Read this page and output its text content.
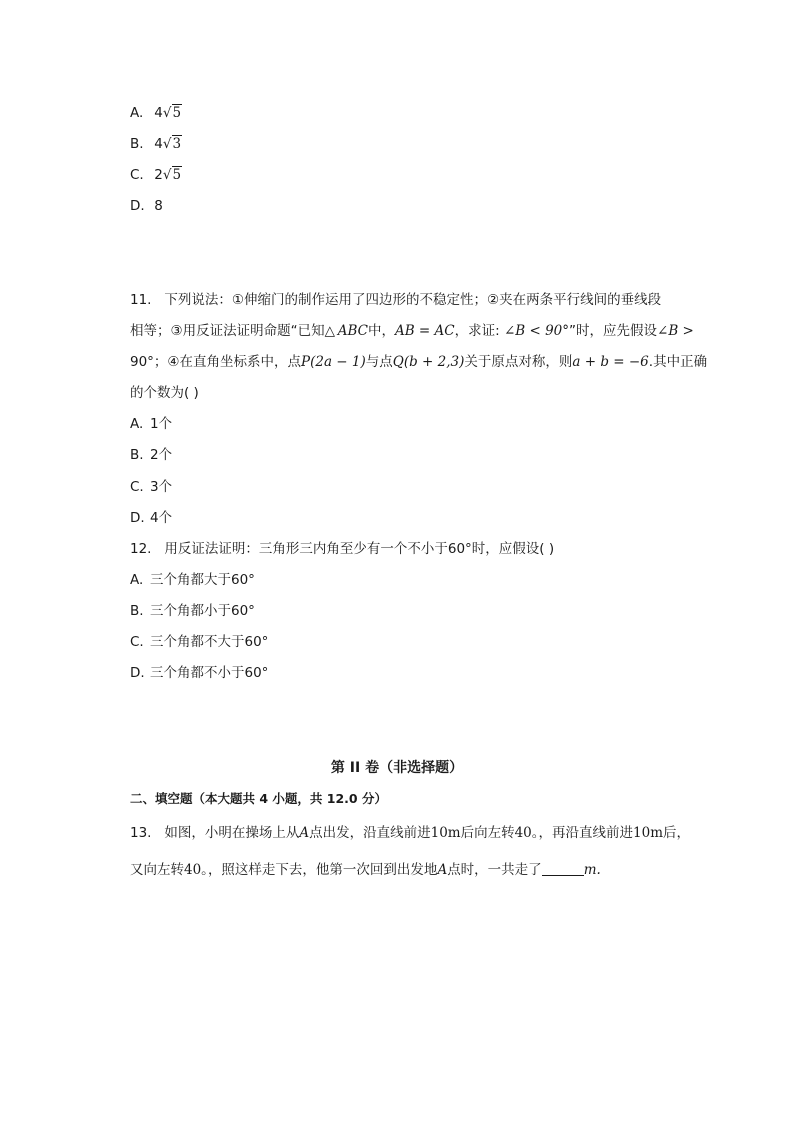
A. 4√5
B. 4√3
C. 2√5
D. 8
11. 下列说法：①伸缩门的制作运用了四边形的不稳定性；②夹在两条平行线间的垂线段
相等；③用反证法证明命题“已知△  ABC中，AB = AC，求证: ∠B < 90°”时，应先假设∠B >
90°；④在直角坐标系中，点P(2a − 1)与点Q(b + 2,3)关于原点对称，则a + b = −6.其中正确
的个数为( )
A. 1个
B. 2个
C. 3个
D. 4个
12. 用反证法证明：三角形三内角至少有一个不小于60°时，应假设( )
A. 三个角都大于60°
B. 三个角都小于60°
C. 三个角都不大于60°
D. 三个角都不小于60°
第 II 卷（非选择题）
二、填空题（本大题共 4 小题，共 12.0 分）
13. 如图，小明在操场上从A点出发，沿直线前进10m后向左转40。，再沿直线前进10m后，
又向左转40。，照这样走下去，他第一次回到出发地A点时，一共走了	m.
